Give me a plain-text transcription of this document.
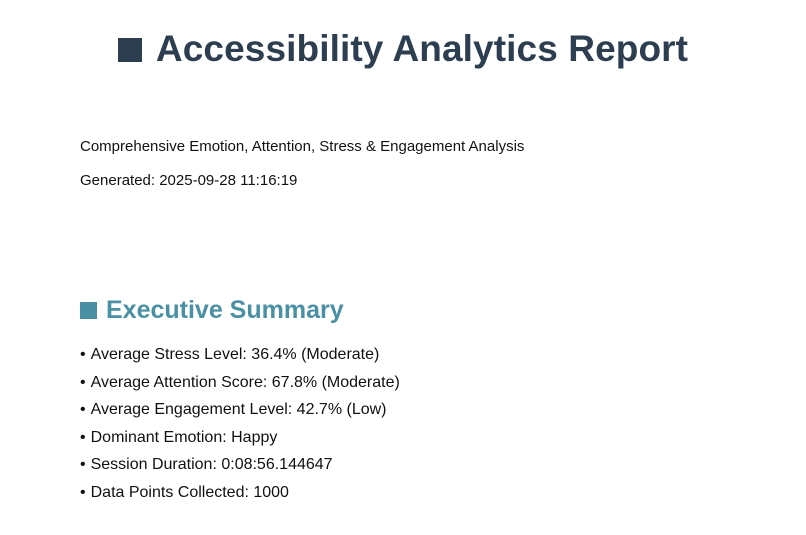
Accessibility Analytics Report
Comprehensive Emotion, Attention, Stress & Engagement Analysis
Generated: 2025-09-28 11:16:19
Executive Summary
• Average Stress Level: 36.4% (Moderate)
• Average Attention Score: 67.8% (Moderate)
• Average Engagement Level: 42.7% (Low)
• Dominant Emotion: Happy
• Session Duration: 0:08:56.144647
• Data Points Collected: 1000
